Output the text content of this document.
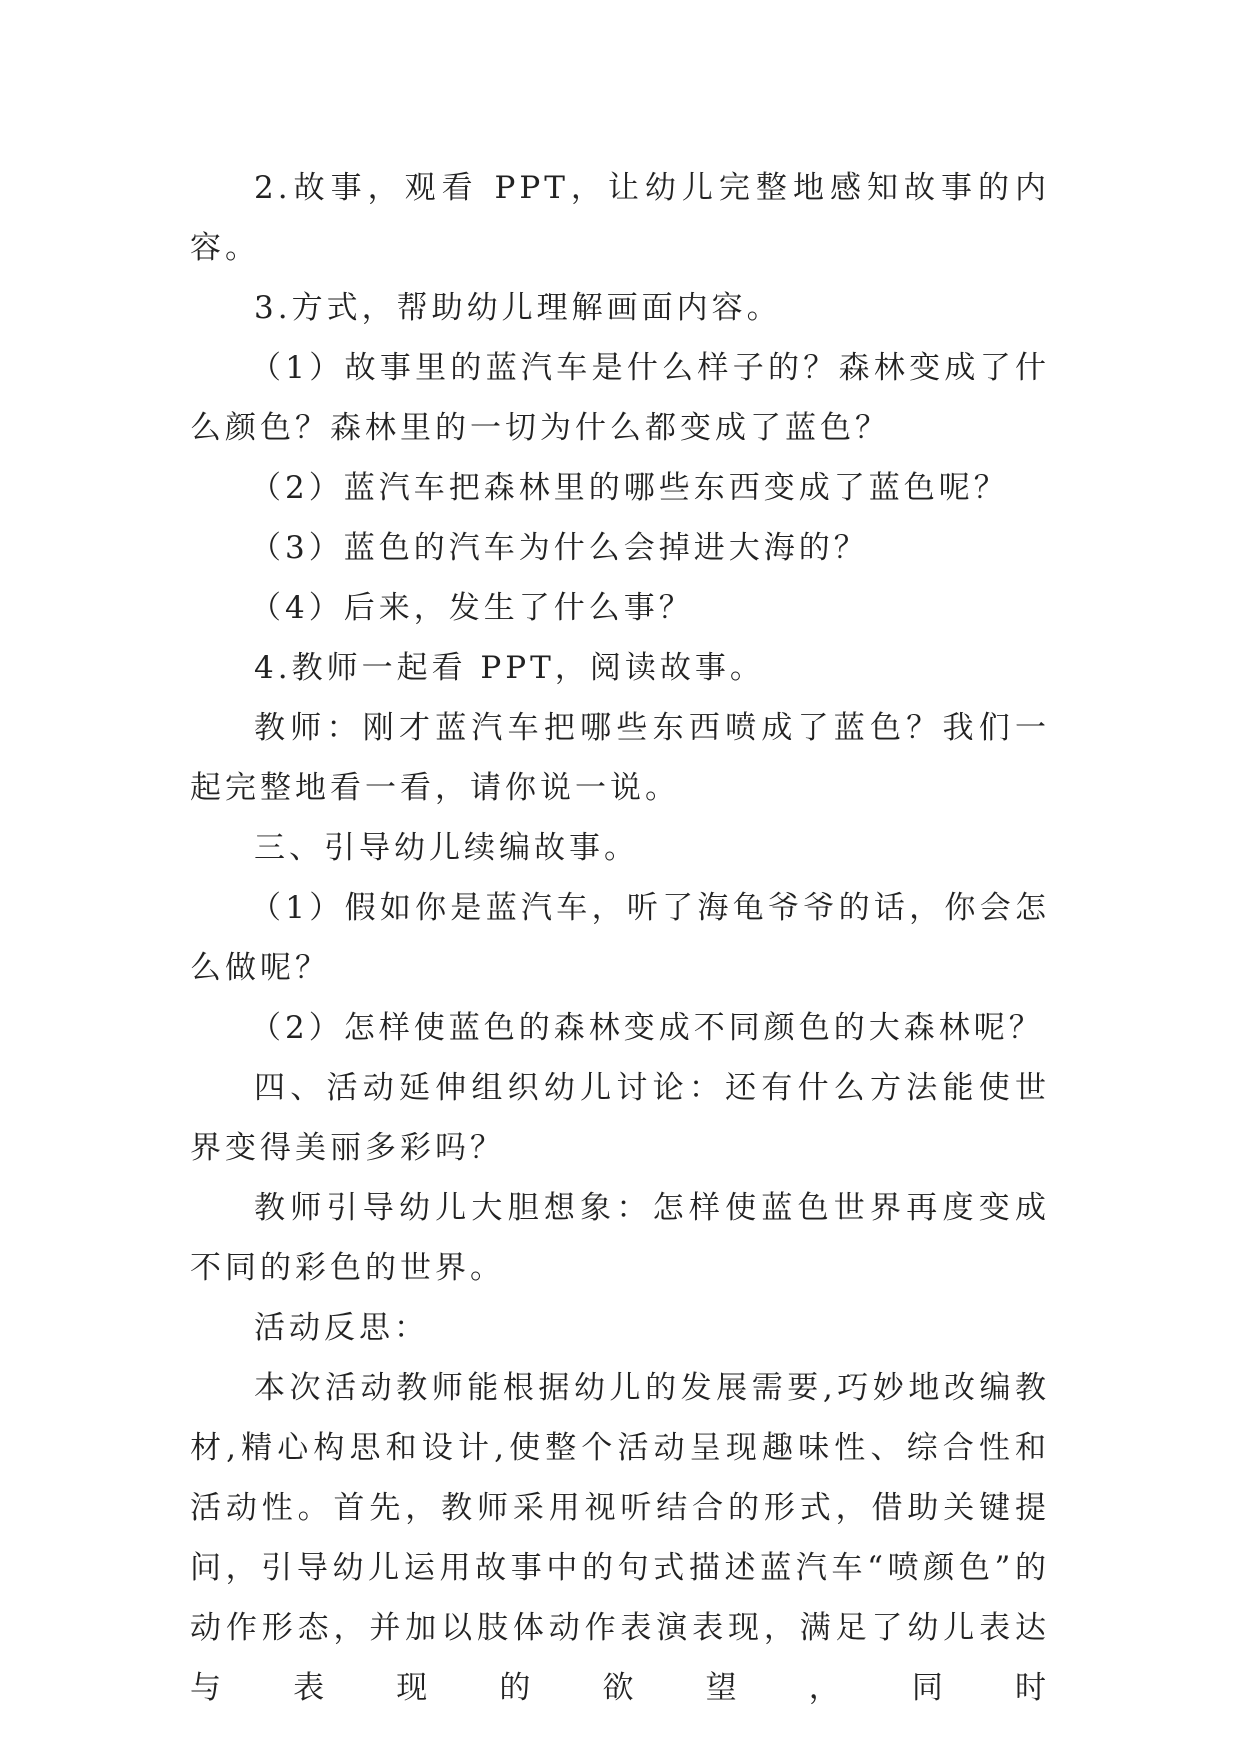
2.故事，观看 PPT，让幼儿完整地感知故事的内容。

3.方式，帮助幼儿理解画面内容。

（1）故事里的蓝汽车是什么样子的？森林变成了什么颜色？森林里的一切为什么都变成了蓝色？

（2）蓝汽车把森林里的哪些东西变成了蓝色呢？

（3）蓝色的汽车为什么会掉进大海的？

（4）后来，发生了什么事？

4.教师一起看 PPT，阅读故事。

教师：刚才蓝汽车把哪些东西喷成了蓝色？我们一起完整地看一看，请你说一说。

三、引导幼儿续编故事。

（1）假如你是蓝汽车，听了海龟爷爷的话，你会怎么做呢？

（2）怎样使蓝色的森林变成不同颜色的大森林呢？

四、活动延伸组织幼儿讨论：还有什么方法能使世界变得美丽多彩吗？

教师引导幼儿大胆想象：怎样使蓝色世界再度变成不同的彩色的世界。

活动反思：

本次活动教师能根据幼儿的发展需要,巧妙地改编教材,精心构思和设计,使整个活动呈现趣味性、综合性和活动性。首先，教师采用视听结合的形式，借助关键提问，引导幼儿运用故事中的句式描述蓝汽车“喷颜色”的动作形态，并加以肢体动作表演表现，满足了幼儿表达与表现的欲望，同时
